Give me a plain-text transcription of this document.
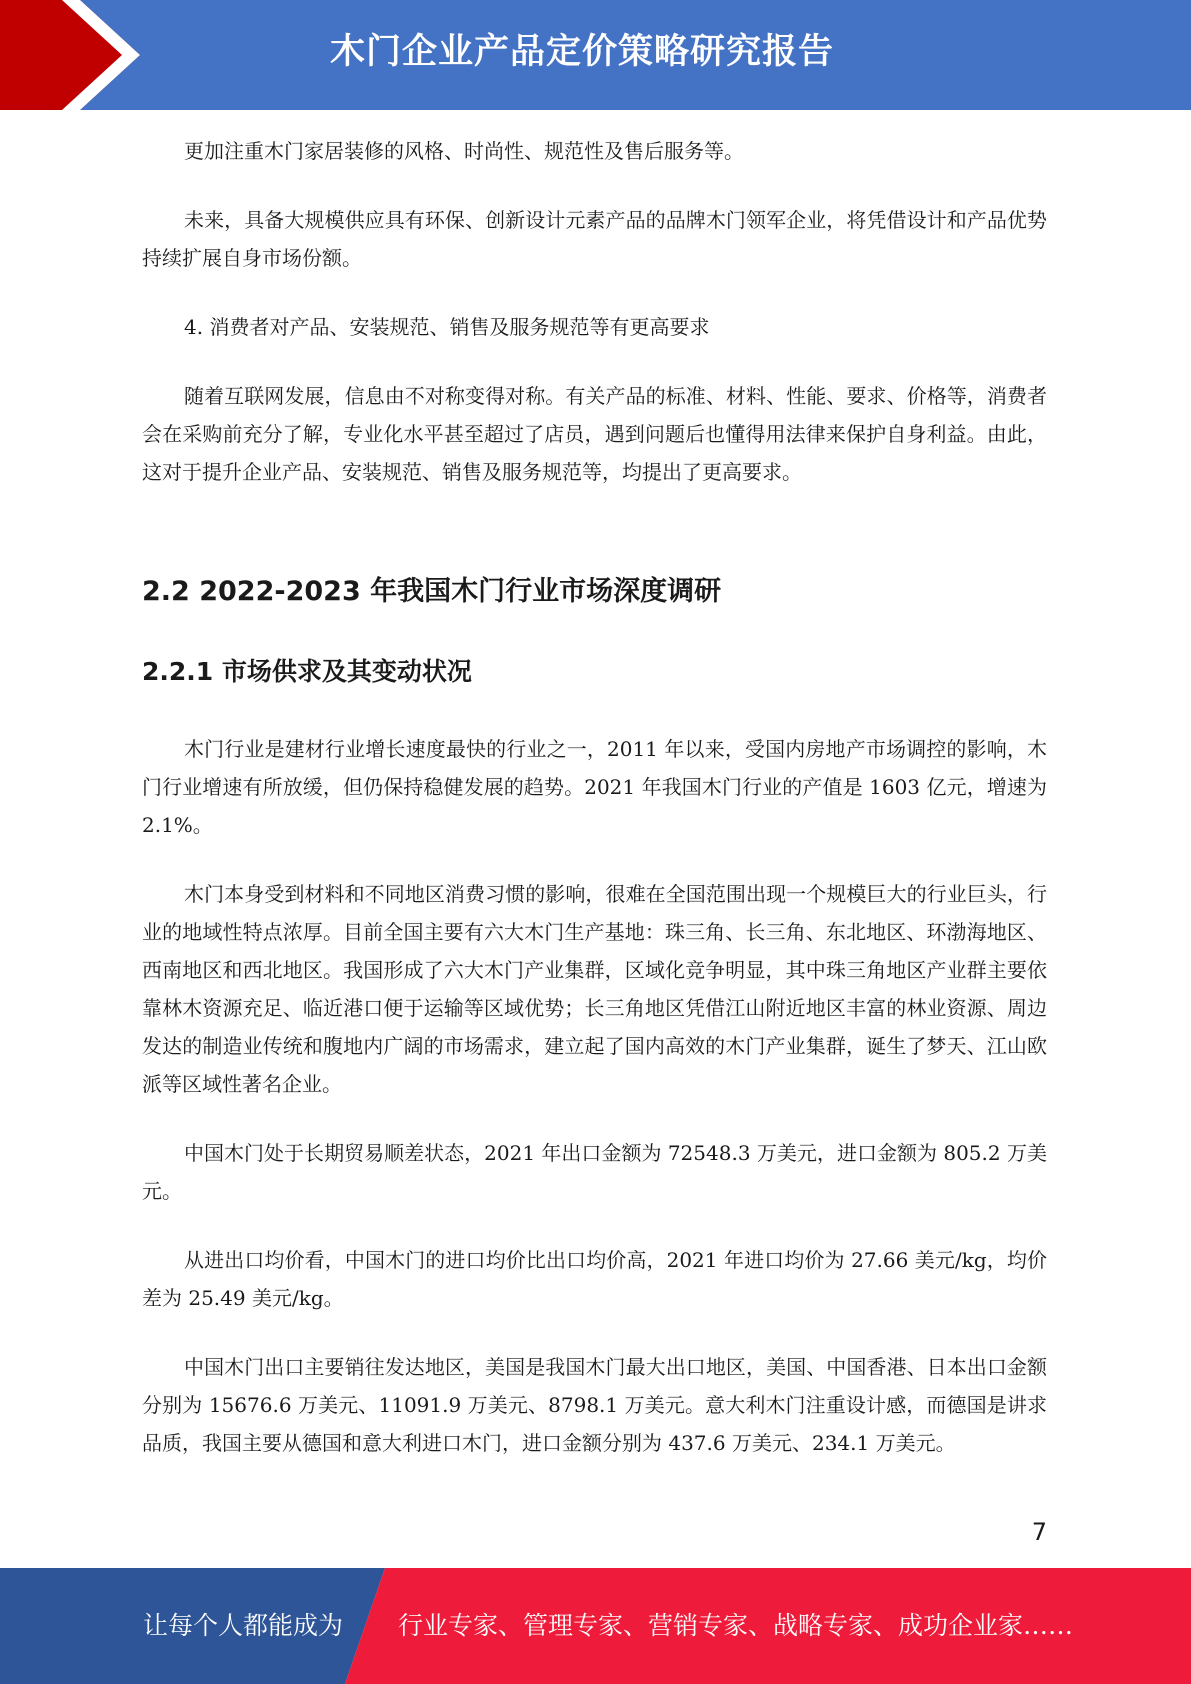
木门企业产品定价策略研究报告

更加注重木门家居装修的风格、时尚性、规范性及售后服务等。

未来，具备大规模供应具有环保、创新设计元素产品的品牌木门领军企业，将凭借设计和产品优势持续扩展自身市场份额。

4. 消费者对产品、安装规范、销售及服务规范等有更高要求

随着互联网发展，信息由不对称变得对称。有关产品的标准、材料、性能、要求、价格等，消费者会在采购前充分了解，专业化水平甚至超过了店员，遇到问题后也懂得用法律来保护自身利益。由此，这对于提升企业产品、安装规范、销售及服务规范等，均提出了更高要求。

2.2 2022-2023 年我国木门行业市场深度调研
2.2.1 市场供求及其变动状况

木门行业是建材行业增长速度最快的行业之一，2011 年以来，受国内房地产市场调控的影响，木门行业增速有所放缓，但仍保持稳健发展的趋势。2021 年我国木门行业的产值是 1603 亿元，增速为 2.1%。

木门本身受到材料和不同地区消费习惯的影响，很难在全国范围出现一个规模巨大的行业巨头，行业的地域性特点浓厚。目前全国主要有六大木门生产基地：珠三角、长三角、东北地区、环渤海地区、西南地区和西北地区。我国形成了六大木门产业集群，区域化竞争明显，其中珠三角地区产业群主要依靠林木资源充足、临近港口便于运输等区域优势；长三角地区凭借江山附近地区丰富的林业资源、周边发达的制造业传统和腹地内广阔的市场需求，建立起了国内高效的木门产业集群，诞生了梦天、江山欧派等区域性著名企业。

中国木门处于长期贸易顺差状态，2021 年出口金额为 72548.3 万美元，进口金额为 805.2 万美元。

从进出口均价看，中国木门的进口均价比出口均价高，2021 年进口均价为 27.66 美元/kg，均价差为 25.49 美元/kg。

中国木门出口主要销往发达地区，美国是我国木门最大出口地区，美国、中国香港、日本出口金额分别为 15676.6 万美元、11091.9 万美元、8798.1 万美元。意大利木门注重设计感，而德国是讲求品质，我国主要从德国和意大利进口木门，进口金额分别为 437.6 万美元、234.1 万美元。

7
让每个人都能成为 行业专家、管理专家、营销专家、战略专家、成功企业家……
